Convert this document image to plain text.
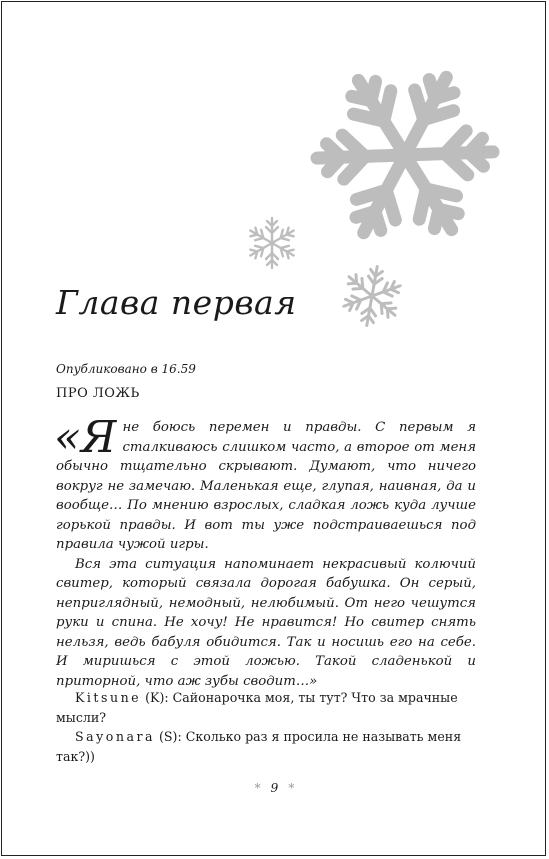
Глава первая
Опубликовано в 16.59
ПРО ЛОЖЬ

«Я не боюсь перемен и правды. С первым я сталкиваюсь слишком часто, а второе от меня обычно тщательно скрывают. Думают, что ничего вокруг не замечаю. Маленькая еще, глупая, наивная, да и вообще… По мнению взрослых, сладкая ложь куда лучше горькой правды. И вот ты уже подстраиваешься под правила чужой игры.

Вся эта ситуация напоминает некрасивый колючий свитер, который связала дорогая бабушка. Он серый, неприглядный, немодный, нелюбимый. От него чешутся руки и спина. Не хочу! Не нравится! Но свитер снять нельзя, ведь бабуля обидится. Так и носишь его на себе. И миришься с этой ложью. Такой сладенькой и приторной, что аж зубы сводит…»

Kitsune (K): Сайонарочка моя, ты тут? Что за мрачные мысли?

Sayonara (S): Сколько раз я просила не называть меня так?))

* 9 *
